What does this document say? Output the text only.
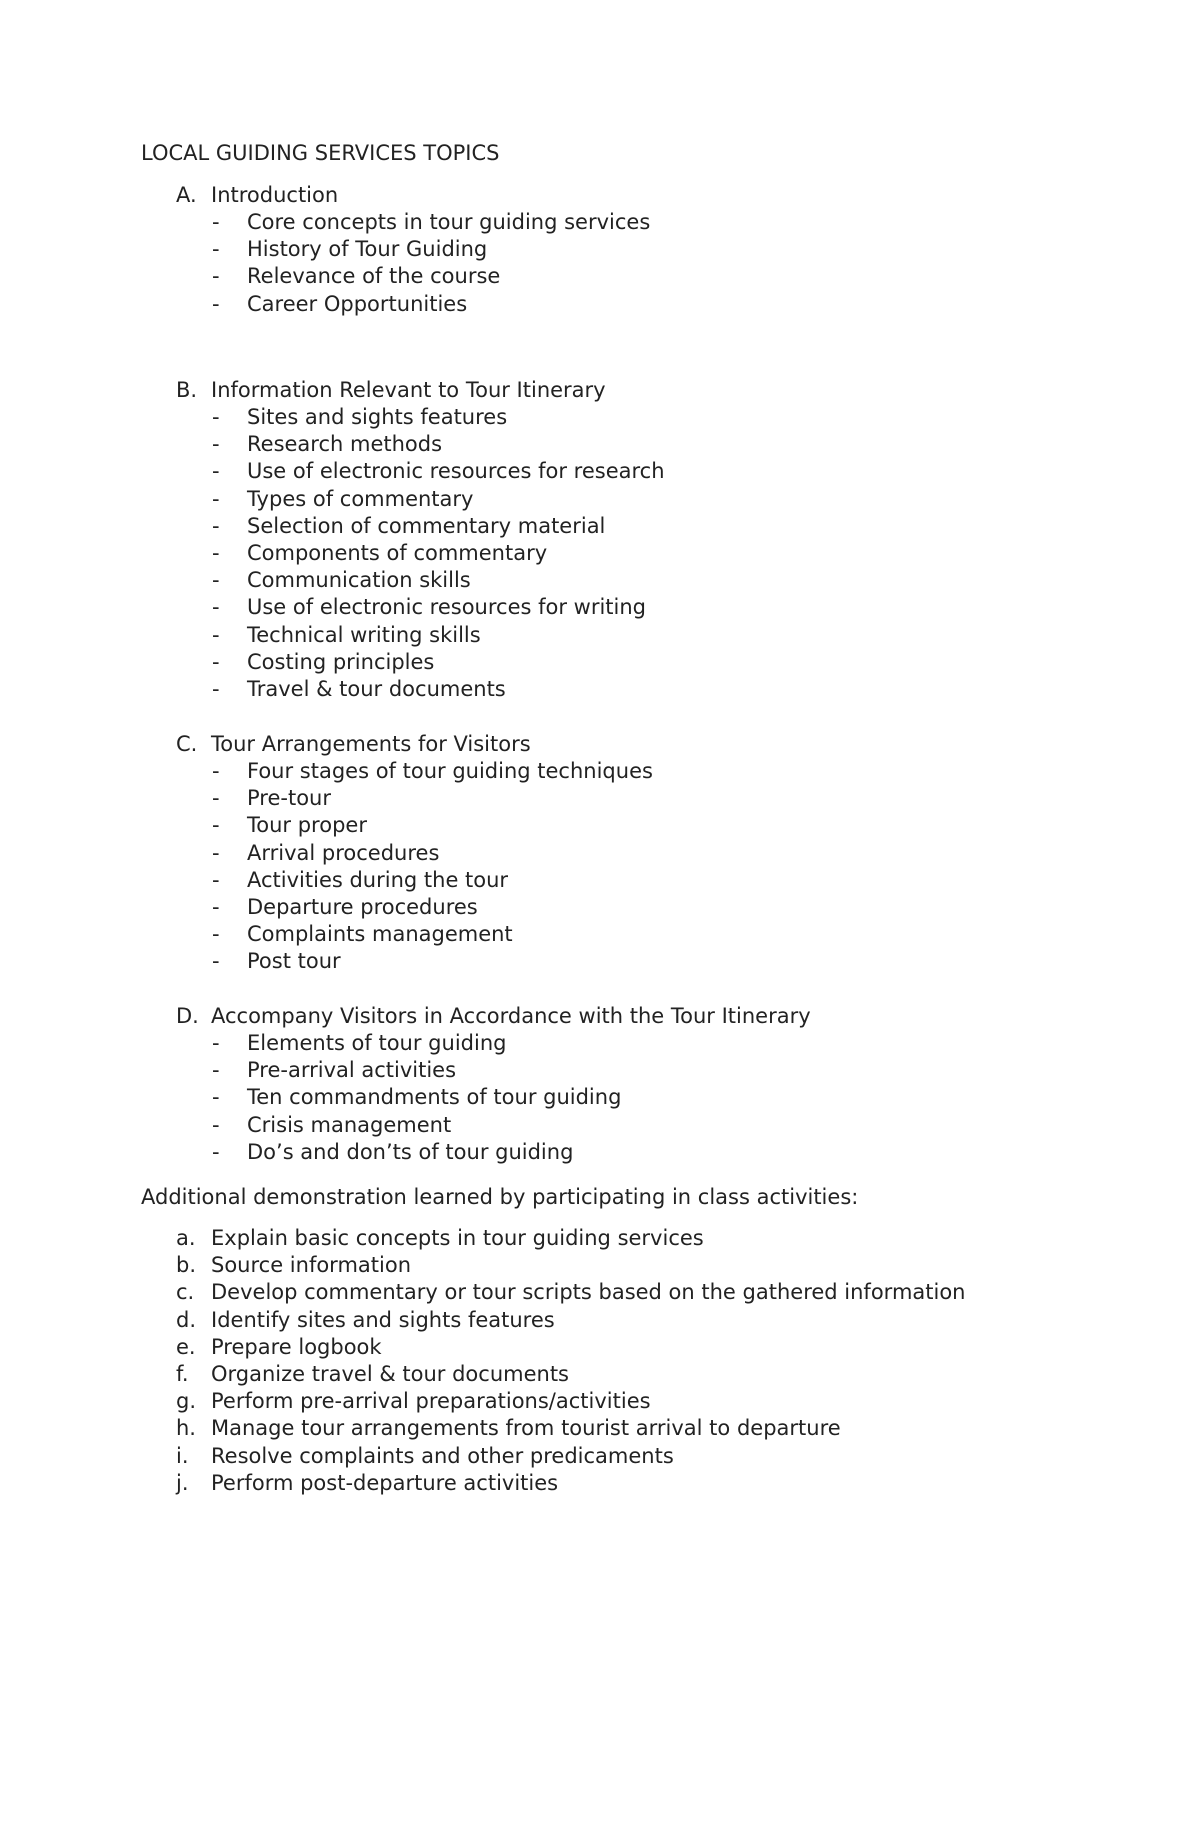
LOCAL GUIDING SERVICES TOPICS
A. Introduction
- Core concepts in tour guiding services
- History of Tour Guiding
- Relevance of the course
- Career Opportunities
B. Information Relevant to Tour Itinerary
- Sites and sights features
- Research methods
- Use of electronic resources for research
- Types of commentary
- Selection of commentary material
- Components of commentary
- Communication skills
- Use of electronic resources for writing
- Technical writing skills
- Costing principles
- Travel & tour documents
C. Tour Arrangements for Visitors
- Four stages of tour guiding techniques
- Pre-tour
- Tour proper
- Arrival procedures
- Activities during the tour
- Departure procedures
- Complaints management
- Post tour
D. Accompany Visitors in Accordance with the Tour Itinerary
- Elements of tour guiding
- Pre-arrival activities
- Ten commandments of tour guiding
- Crisis management
- Do’s and don’ts of tour guiding
Additional demonstration learned by participating in class activities:
a. Explain basic concepts in tour guiding services
b. Source information
c. Develop commentary or tour scripts based on the gathered information
d. Identify sites and sights features
e. Prepare logbook
f. Organize travel & tour documents
g. Perform pre-arrival preparations/activities
h. Manage tour arrangements from tourist arrival to departure
i. Resolve complaints and other predicaments
j. Perform post-departure activities
